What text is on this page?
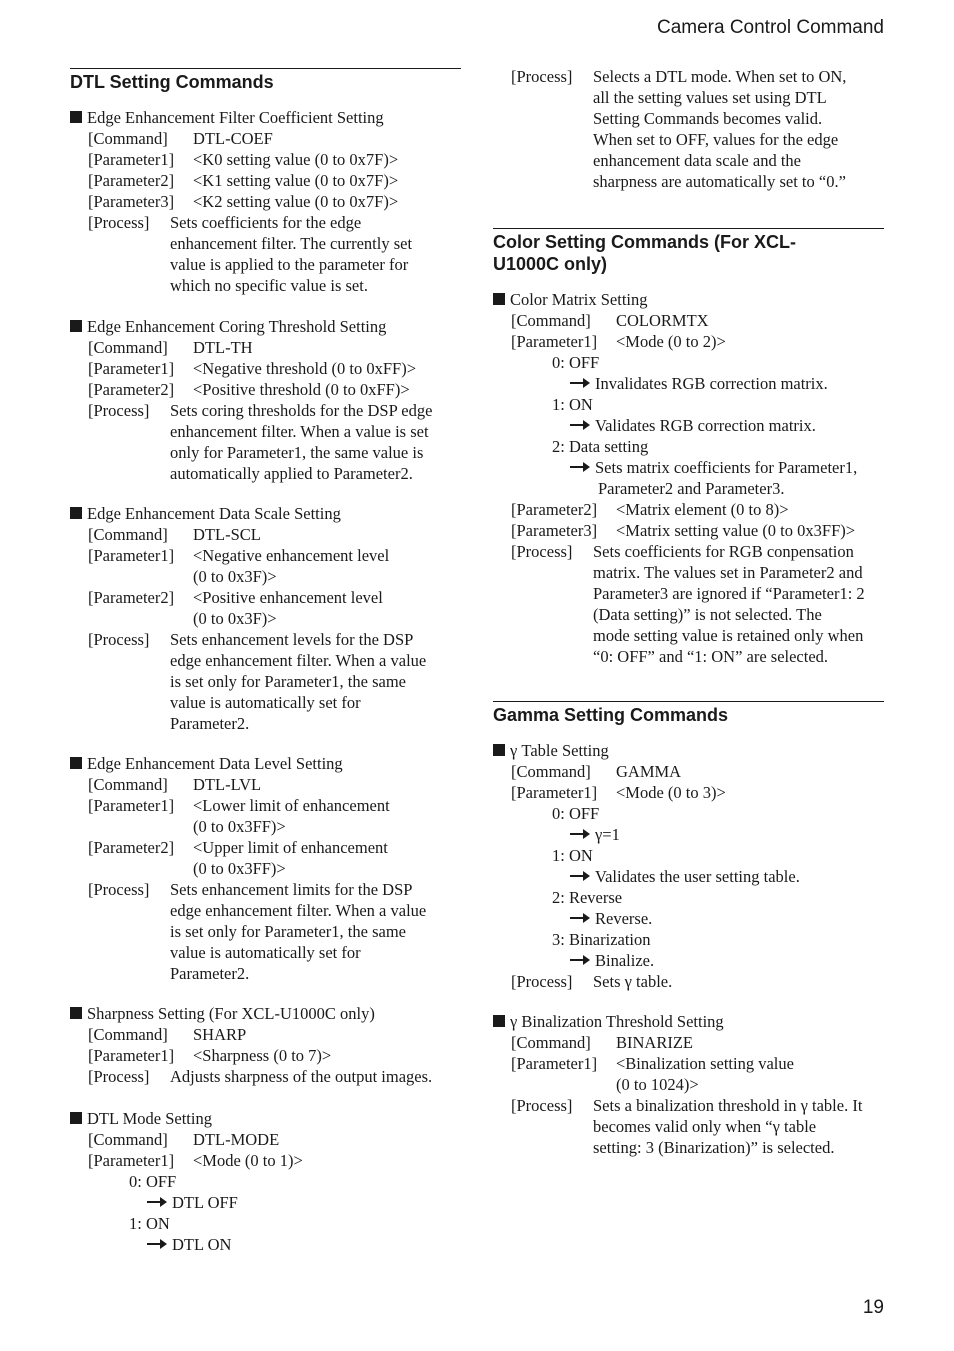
Camera Control Command
DTL Setting Commands
Edge Enhancement Filter Coefficient Setting
[Command] DTL-COEF
[Parameter1] <K0 setting value (0 to 0x7F)>
[Parameter2] <K1 setting value (0 to 0x7F)>
[Parameter3] <K2 setting value (0 to 0x7F)>
[Process] Sets coefficients for the edge
enhancement filter. The currently set
value is applied to the parameter for
which no specific value is set.
Edge Enhancement Coring Threshold Setting
[Command] DTL-TH
[Parameter1] <Negative threshold (0 to 0xFF)>
[Parameter2] <Positive threshold (0 to 0xFF)>
[Process] Sets coring thresholds for the DSP edge
enhancement filter. When a value is set
only for Parameter1, the same value is
automatically applied to Parameter2.
Edge Enhancement Data Scale Setting
[Command] DTL-SCL
[Parameter1] <Negative enhancement level
(0 to 0x3F)>
[Parameter2] <Positive enhancement level
(0 to 0x3F)>
[Process] Sets enhancement levels for the DSP
edge enhancement filter. When a value
is set only for Parameter1, the same
value is automatically set for
Parameter2.
Edge Enhancement Data Level Setting
[Command] DTL-LVL
[Parameter1] <Lower limit of enhancement
(0 to 0x3FF)>
[Parameter2] <Upper limit of enhancement
(0 to 0x3FF)>
[Process] Sets enhancement limits for the DSP
edge enhancement filter. When a value
is set only for Parameter1, the same
value is automatically set for
Parameter2.
Sharpness Setting (For XCL-U1000C only)
[Command] SHARP
[Parameter1] <Sharpness (0 to 7)>
[Process] Adjusts sharpness of the output images.
DTL Mode Setting
[Command] DTL-MODE
[Parameter1] <Mode (0 to 1)>
0: OFF
DTL OFF
1: ON
DTL ON
[Process] Selects a DTL mode. When set to ON,
all the setting values set using DTL
Setting Commands becomes valid.
When set to OFF, values for the edge
enhancement data scale and the
sharpness are automatically set to “0.”
Color Setting Commands (For XCL-
U1000C only)
Color Matrix Setting
[Command] COLORMTX
[Parameter1] <Mode (0 to 2)>
0: OFF
Invalidates RGB correction matrix.
1: ON
Validates RGB correction matrix.
2: Data setting
Sets matrix coefficients for Parameter1,
Parameter2 and Parameter3.
[Parameter2] <Matrix element (0 to 8)>
[Parameter3] <Matrix setting value (0 to 0x3FF)>
[Process] Sets coefficients for RGB conpensation
matrix. The values set in Parameter2 and
Parameter3 are ignored if “Parameter1: 2
(Data setting)” is not selected. The
mode setting value is retained only when
“0: OFF” and “1: ON” are selected.
Gamma Setting Commands
γ Table Setting
[Command] GAMMA
[Parameter1] <Mode (0 to 3)>
0: OFF
γ=1
1: ON
Validates the user setting table.
2: Reverse
Reverse.
3: Binarization
Binalize.
[Process] Sets γ table.
γ Binalization Threshold Setting
[Command] BINARIZE
[Parameter1] <Binalization setting value
(0 to 1024)>
[Process] Sets a binalization threshold in γ table. It
becomes valid only when “γ table
setting: 3 (Binarization)” is selected.
19
